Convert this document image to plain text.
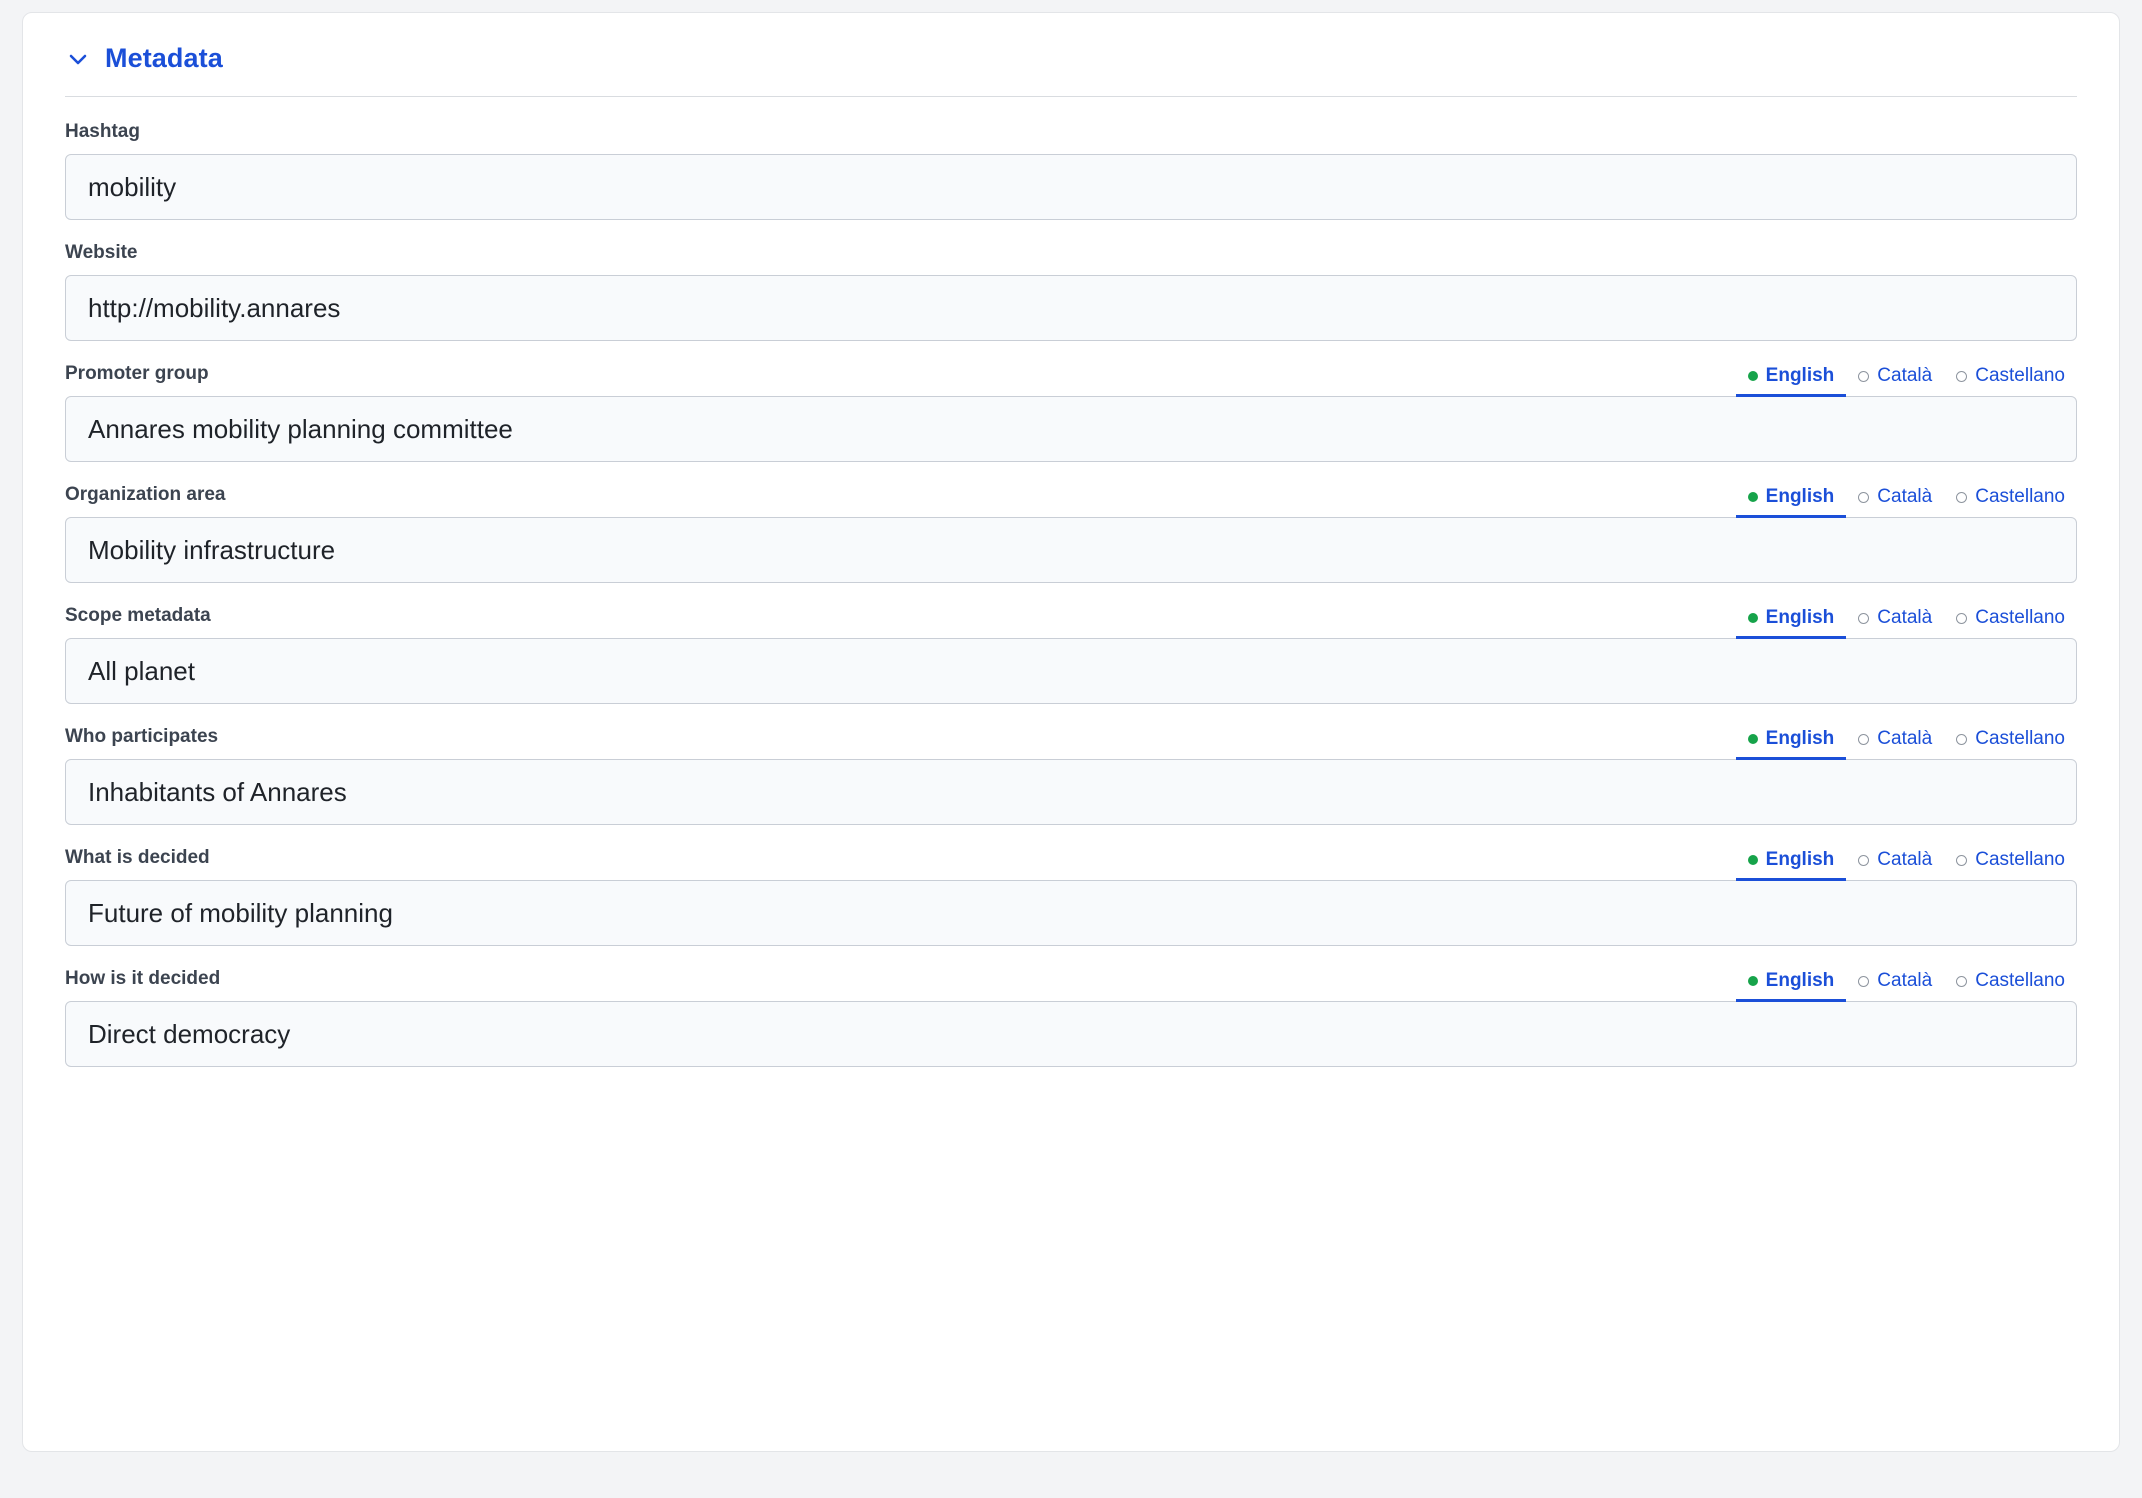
Metadata
Hashtag
mobility
Website
http://mobility.annares
Promoter group	English Català Castellano
Annares mobility planning committee
Organization area	English Català Castellano
Mobility infrastructure
Scope metadata	English Català Castellano
All planet
Who participates	English Català Castellano
Inhabitants of Annares
What is decided	English Català Castellano
Future of mobility planning
How is it decided	English Català Castellano
Direct democracy
